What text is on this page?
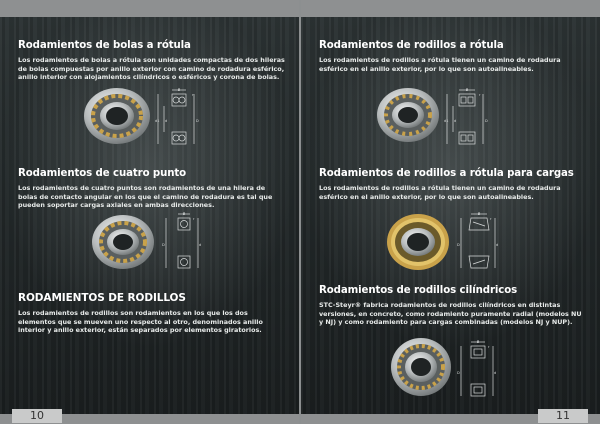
Rodamientos de bolas a rótula

Los rodamientos de bolas a rótula son unidades compactas de dos hileras de bolas compuestas por anillo exterior con camino de rodadura esférico, anillo interior con alojamientos cilíndricos o esféricos y corona de bolas.

B
r
d1	D
d
Rodamientos de cuatro punto

Los rodamientos de cuatro puntos son rodamientos de una hilera de bolas de contacto angular en los que el camino de rodadura es tal que pueden soportar cargas axiales en ambas direcciones.

B
r
D	d
RODAMIENTOS DE RODILLOS

Los rodamientos de rodillos son rodamientos en los que los dos elementos que se mueven uno respecto al otro, denominados anillo interior y anillo exterior, están separados por elementos giratorios.

10
Rodamientos de rodillos a rótula

Los rodamientos de rodillos a rótula tienen un camino de rodadura esférico en el anillo exterior, por lo que son autoalineables.

B
r
d1	D
d
Rodamientos de rodillos a rótula para cargas

Los rodamientos de rodillos a rótula tienen un camino de rodadura esférico en el anillo exterior, por lo que son autoalineables.

B
r
D	d
Rodamientos de rodillos cilíndricos

STC-Steyr® fabrica rodamientos de rodillos cilíndricos en distintas versiones, en concreto, como rodamiento puramente radial (modelos NU y NJ) y como rodamiento para cargas combinadas (modelos NJ y NUP).

B
r
D	d
11
